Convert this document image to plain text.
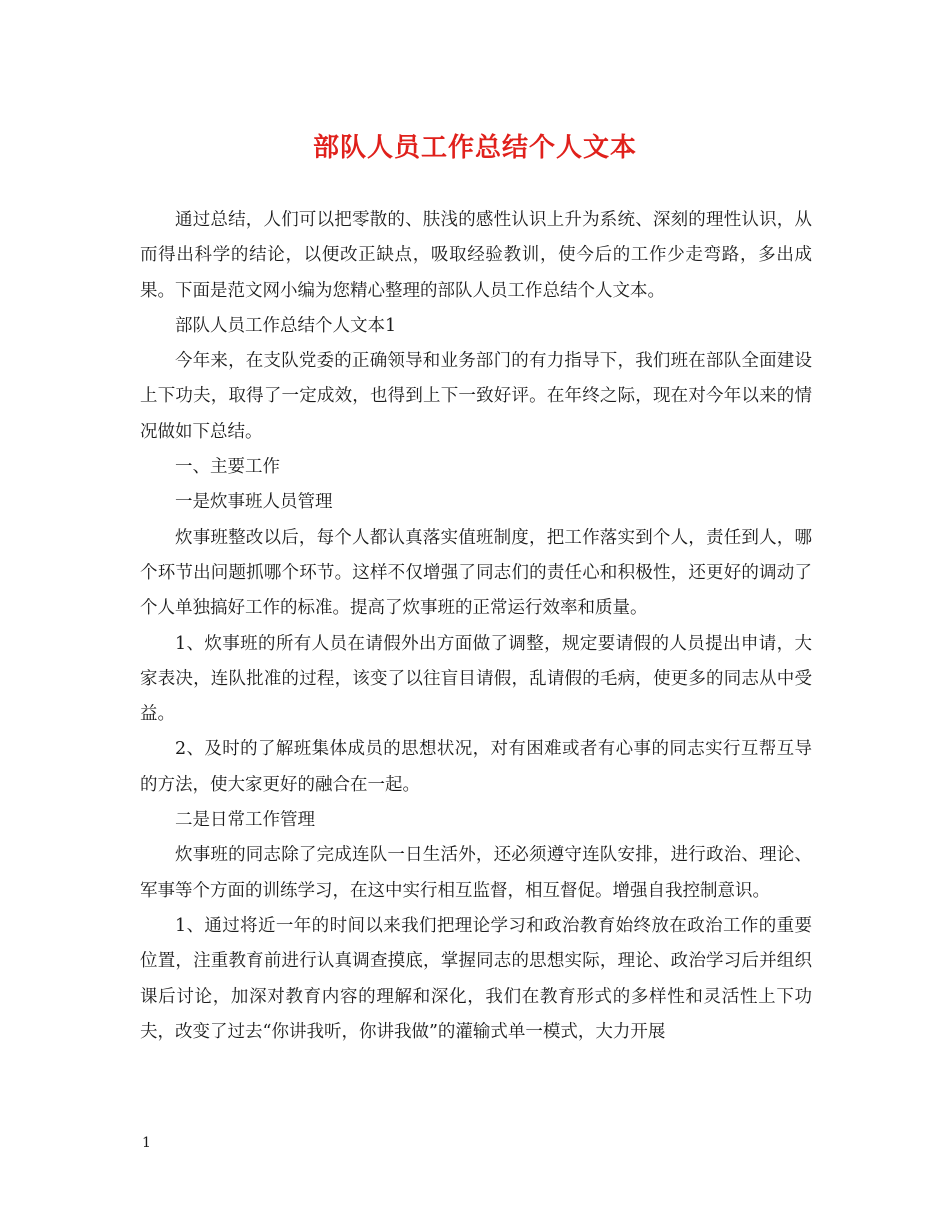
部队人员工作总结个人文本

通过总结，人们可以把零散的、肤浅的感性认识上升为系统、深刻的理性认识，从而得出科学的结论，以便改正缺点，吸取经验教训，使今后的工作少走弯路，多出成果。下面是范文网小编为您精心整理的部队人员工作总结个人文本。

部队人员工作总结个人文本1

今年来，在支队党委的正确领导和业务部门的有力指导下，我们班在部队全面建设上下功夫，取得了一定成效，也得到上下一致好评。在年终之际，现在对今年以来的情况做如下总结。

一、主要工作

一是炊事班人员管理

炊事班整改以后，每个人都认真落实值班制度，把工作落实到个人，责任到人，哪个环节出问题抓哪个环节。这样不仅增强了同志们的责任心和积极性，还更好的调动了个人单独搞好工作的标准。提高了炊事班的正常运行效率和质量。

1、炊事班的所有人员在请假外出方面做了调整，规定要请假的人员提出申请，大家表决，连队批准的过程，该变了以往盲目请假，乱请假的毛病，使更多的同志从中受益。

2、及时的了解班集体成员的思想状况，对有困难或者有心事的同志实行互帮互导的方法，使大家更好的融合在一起。

二是日常工作管理

炊事班的同志除了完成连队一日生活外，还必须遵守连队安排，进行政治、理论、军事等个方面的训练学习，在这中实行相互监督，相互督促。增强自我控制意识。

1、通过将近一年的时间以来我们把理论学习和政治教育始终放在政治工作的重要位置，注重教育前进行认真调查摸底，掌握同志的思想实际，理论、政治学习后并组织课后讨论，加深对教育内容的理解和深化，我们在教育形式的多样性和灵活性上下功夫，改变了过去“你讲我听，你讲我做”的灌输式单一模式，大力开展

1
